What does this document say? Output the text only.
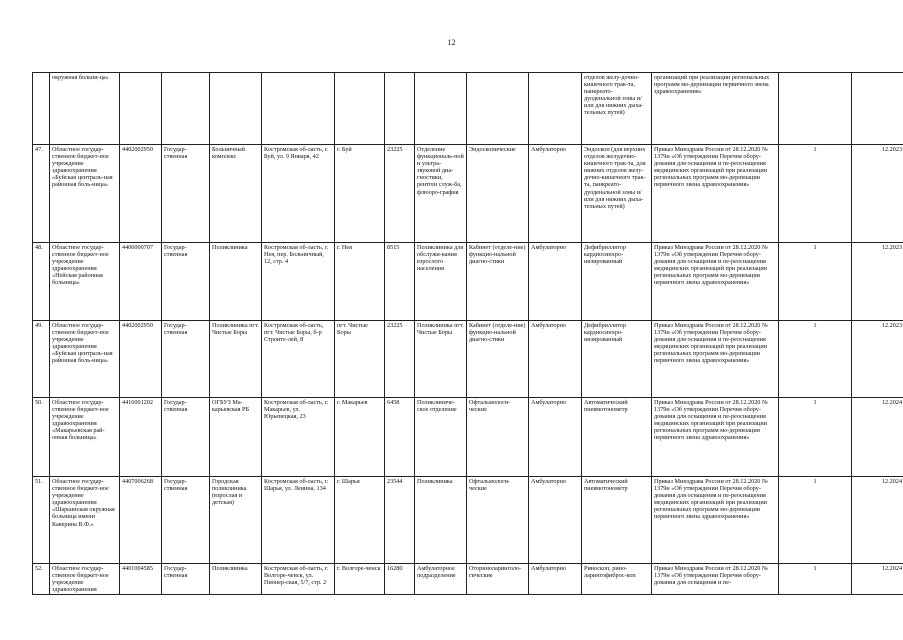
12
	окружная больни-ца»										отделов желу-дочно-кишечного трак-та, панкреато-дуоденальной зоны и/или для нижних дыха-тельных путей)	организаций при реализации региональных программ мо-дернизации первичного звена здравоохранения»		
47.	Областное государ-ственное бюджет-ное учреждение здравоохранения «Буйская централь-ная районная боль-ница»	4402002950	Государ-ственная	Больничный комплекс	Костромская об-ласть, г. Буй, ул. 9 Января, 42	г. Буй	23225	Отделение функциональ-ной и ультра-звуковой диа-гностики, рентген служ-ба, флюоро-графия	Эндоскопические	Амбулаторно	Эндоскоп (для верхних отделов желудочно-кишечного трак-та, для нижних отделов желу-дочно-кишечного трак-та, панкреато-дуоденальной зоны и/или для нижних дыха-тельных путей)	Приказ Минздрава России от 28.12.2020 № 1379н «Об утверждении Перечня обору-дования для оснащения и пе-реоснащения медицинских организаций при реализации региональных программ мо-дернизации первичного звена здравоохранения»	1	12.2023
48.	Областное государ-ственное бюджет-ное учреждение здравоохранения «Нейская районная больница»	4406000707	Государ-ственная	Поликлиника	Костромская об-ласть, г. Нея, пер. Больничный, 12, стр. 4	г. Нея	8515	Поликлиника для обслужи-вания взрослого населения	Кабинет (отделе-ние) функцио-нальной диагно-стики	Амбулаторно	Дефибриллятор кардиосинхро-низированный	Приказ Минздрава России от 28.12.2020 № 1379н «Об утверждении Перечня обору-дования для оснащения и пе-реоснащения медицинских организаций при реализации региональных программ мо-дернизации первичного звена здравоохранения»	1	12.2023
49.	Областное государ-ственное бюджет-ное учреждение здравоохранения «Буйская централь-ная районная боль-ница»	4402002950	Государ-ственная	Поликлиника пгт. Чистые Боры	Костромская об-ласть, пгт. Чистые Боры, б-р Строите-лей, 8	пгт. Чистые Боры	23225	Поликлиника пгт. Чистые Боры	Кабинет (отделе-ние) функцио-нальной диагно-стики	Амбулаторно	Дефибриллятор кардиосинхро-низированный	Приказ Минздрава России от 28.12.2020 № 1379н «Об утверждении Перечня обору-дования для оснащения и пе-реоснащения медицинских организаций при реализации региональных программ мо-дернизации первичного звена здравоохранения»	1	12.2023
50.	Областное государ-ственное бюджет-ное учреждение здравоохранения «Макарьевская рай-онная больница»	4416001202	Государ-ственная	ОГБУЗ Ма-карьевская РБ	Костромская об-ласть, г. Макарьев, ул. Юрьевецкая, 23	г. Макарьев	6458	Поликлиниче-ское отделение	Офтальмологи-ческие	Амбулаторно	Автоматический пневмотонометр	Приказ Минздрава России от 28.12.2020 № 1379н «Об утверждении Перечня обору-дования для оснащения и пе-реоснащения медицинских организаций при реализации региональных программ мо-дернизации первичного звена здравоохранения»	1	12.2024
51.	Областное государ-ственное бюджет-ное учреждение здравоохранения «Шарьинская окружная больница имени Каверина В.Ф.»	4407006268	Государ-ственная	Городская поликлиника (взрослая и детская)	Костромская об-ласть, г. Шарья, ул. Ленина, 134	г. Шарья	23544	Поликлиника	Офтальмологи-ческие	Амбулаторно	Автоматический пневмотонометр	Приказ Минздрава России от 28.12.2020 № 1379н «Об утверждении Перечня обору-дования для оснащения и пе-реоснащения медицинских организаций при реализации региональных программ мо-дернизации первичного звена здравоохранения»	1	12.2024
52.	Областное государ-ственное бюджет-ное учреждение здравоохранения	4401004585	Государ-ственная	Поликлиника	Костромская об-ласть, г. Волгоре-ченск, ул. Пионер-ская, 5/7, стр. 2	г. Волгоре-ченск	16280	Амбулаторное подразделение	Оториноларинголо-гические	Амбулаторно	Риноскоп, рино-ларингофиброс-коп	Приказ Минздрава России от 28.12.2020 № 1379н «Об утверждении Перечня обору-дования для оснащения и пе-	1	12.2024
